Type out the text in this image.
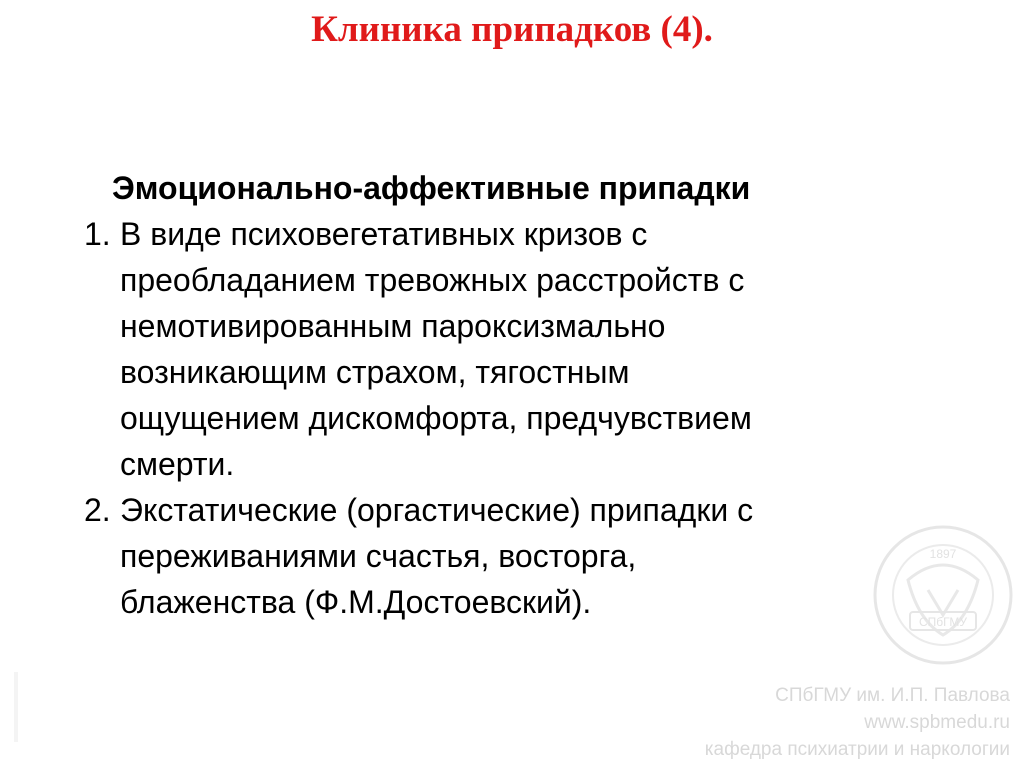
Клиника припадков (4).
Эмоционально-аффективные припадки
1. В виде психовегетативных кризов с
преобладанием тревожных расстройств с
немотивированным пароксизмально
возникающим страхом, тягостным
ощущением дискомфорта, предчувствием
смерти.
2. Экстатические (оргастические) припадки с
переживаниями счастья, восторга,
блаженства (Ф.М.Достоевский).
1897
СПбГМУ
СПбГМУ им. И.П. Павлова
www.spbmedu.ru
кафедра психиатрии и наркологии
